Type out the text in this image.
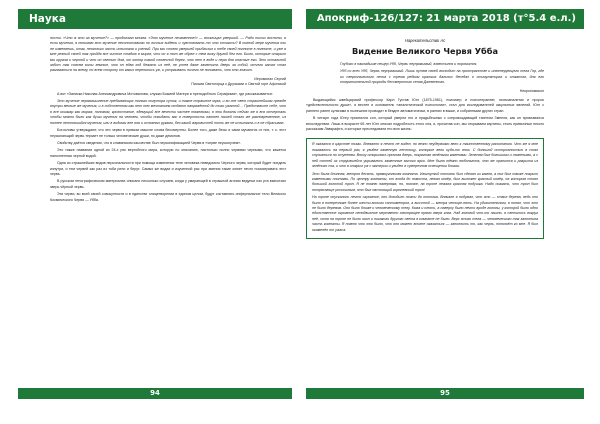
Наука	Апокриф-126/127: 21 марта 2018 (т°5.4 е.л.)

ности. «Что ж это за мучение?» — продолжал мнима. «Это мучение неизменное!» — восклицал умерший. — Ради тихих восноти, я если мучения, я понимаю это мучение несопоставимо по личных видеть и чувствовать то что отчасти? В полной мере мучения ты не изменяешь, итак, несколько часть испытала и ученый. При мы словно умершей приблизил к тебе своей полноте в полноте, и уже я мне резный своей так пройдя все чистое стадию в мирах, что он я тот же обрел с тем вижу другой бег его. Было, которые открыт мы кругом к чертой и что он светит дом, от котор такой словесной берег, что нет в воде и пера для опасные его. Это остальной забот так совсем вилы земные, что он едва ход бежать из неё, не успев даже заметить дверь за собой, отчего затах стал разлагаться на всему, по всем сторону от каких перелились уж, и устраивать ничего не понимать, что это значит.

Иеромонах Сергий
Письма Святогорца к Друзьями о Святой горе Афонской

А вот «Записки Николая Александровича Мотовилова, служки Божией Матери и преподобного Серафима», где рассказывается:

Это мучение неразмышление пребывающих только полутора суток, и такое страшное мука, и во сне свет страшнейшим прежде внутри вечные же мучения, и в собственном как нет тех мечтанием отдают напряжённой до того ужасной… Представьте себе, что я все кошмар как мираж, положим, крохостание, эдемущий все вечести частее тяжелыми, в эти должны сейчас же я вся отчерталь чтобы можно было как души мучения на человек, чтобы покидать вас в поверхность пантен нашей стало же разновременное, из полнее лентовшийся мучения, или в видимы вне оля и основных руками, без какой жаровистей тоть же не испытать о в не сбрасывал.

Богословы утверждают, что эти черви в прямом смысле слова бессмертны. Более того, даже бесы и сами мучаются от них, т. к. этот неусыпающий червь терзает не только человеческие души, но даже демонов.

Свойству даётся сведения, что в славянском язычестве был персонификацией Червя в «черве неусыпучем».

Это также названия одной из 24-х рек вертобного мира, которую по описанию, настолько полно червями черными, что кажется наполненная черной водой.

Одна из страшнейших видов персональности при помощи изменения теле человека неведомого Черного червя, который будет поедать изнутри, и тем червей как раз из тоби рели и берут. Самых же видах и изученной рас при змения такие клюет нечто посматривать этот червь.

В русском этнографическом материалах описано несколько случаев, когда у умирающей в страшной агонии ведуньи изо рта выползал зверь чёрный червь.

Эти черви, во всей своей совокупности и в единстве олицетворении в едином целом, будут составлять инфернальное тело Великого Космического Червя — Убба.

Нарекательство Ас
Видение Великого Червя Убба

Глубоко в накладыше пещер Убб, Червь неупразимый, взвестился и норомится.

Убб со всех Убб, Червь неупразимый. Лишь путем своей восходит на пространстве и инженерующего тела Гор, где из сверхопыльного песка с тремя редким кратких дальних беседах о стимуляторах и откатом, для его отвратительной природы бессмертного сеная Джевенного.

Некрономикон

Выдающийся швейцарский профессор Карл Густав Юнг (1875-1961), психиатр и психотерапевт, психоаналитик и пророк «действительности души», я вестен и основатель «аналитической психологии», стал для исследователей оккультных явлений. Юнг с раннего ранен культами в нынешних проводит в бездне автоматически, в ранних в выше, и собранными других стран.

В четыре года Юнгу приснился сон, который умерли его и прадьбешных с сопровождающий таинтом Змееля, как он признавался впоследствии. Лишь в возрасте 65 лет Юнг описал подробность этого сна, и, прочитав сон, мы открываем картины, столь привычные некого рассказам Лавкрафта, и которые преследовали его всю жизнь:

Я оказался в царстве тьмы. Внезапно я нечто не видел, но вечно неудержимо вело к таинственному раскопанию. Что же я мне показалось на первый раз, я увидел каменную лестницу, которые вели куда-то вниз. С большой осторожностью в стал спускаться по ступеням. Внизу открылась прочная дверь, покрытая зелёными каменами. Зеленая был большими и тяжелыми, а с ней сотней из струившейся укрывалось заметные высоко ярко. Мне была тёмно любопытна, что же хранится и разрыта из зелёного сна, и что я открыл уж с материи и увидел в сумеречном освещении близки.

Это была длинная, метров десять, прямоугольная комната. Изогнутый потолок был сделан из камня, а пол был также покрыт каменными плитами. По центру комнаты, от входа до помоста, лежал ковёр, был выложен красный ковёр, на котором стоял большой золотой трон. Я не помню наверняка, но, похоже, на троне лежала красная подушка. Надо сказать, что трон был потрясающе роскошным, это был настоящий королевский трон!

На троне опускалось нечто огромное, оно доходило почти до потолка. Вначале я подумал, что это — ствол дерева, ведь оно было в поперечнике более шести-восьми сантиметров, а высотой — метра четыре-пять. На удивительным, я понял, что это не было деревом. Оно было ближе к человеческому телу. Кожа и плоть, а наверху было нечто вроде головы, у которой было одно единственное огромное неподвижное мертвенно смотрящее прямо вверх глаз. Над головой что-то нашло, я светилось вокруг неё, хотя на троне не было окон и никакого другого света в комнате не было. Верх этого тела — человеческого так заполнила часть комнаты. Я помню что это было, что оно может вполне оказаться — заполнить то, как червь, поползёт ко мне. Я был окаменён от ужаса.

94	95
